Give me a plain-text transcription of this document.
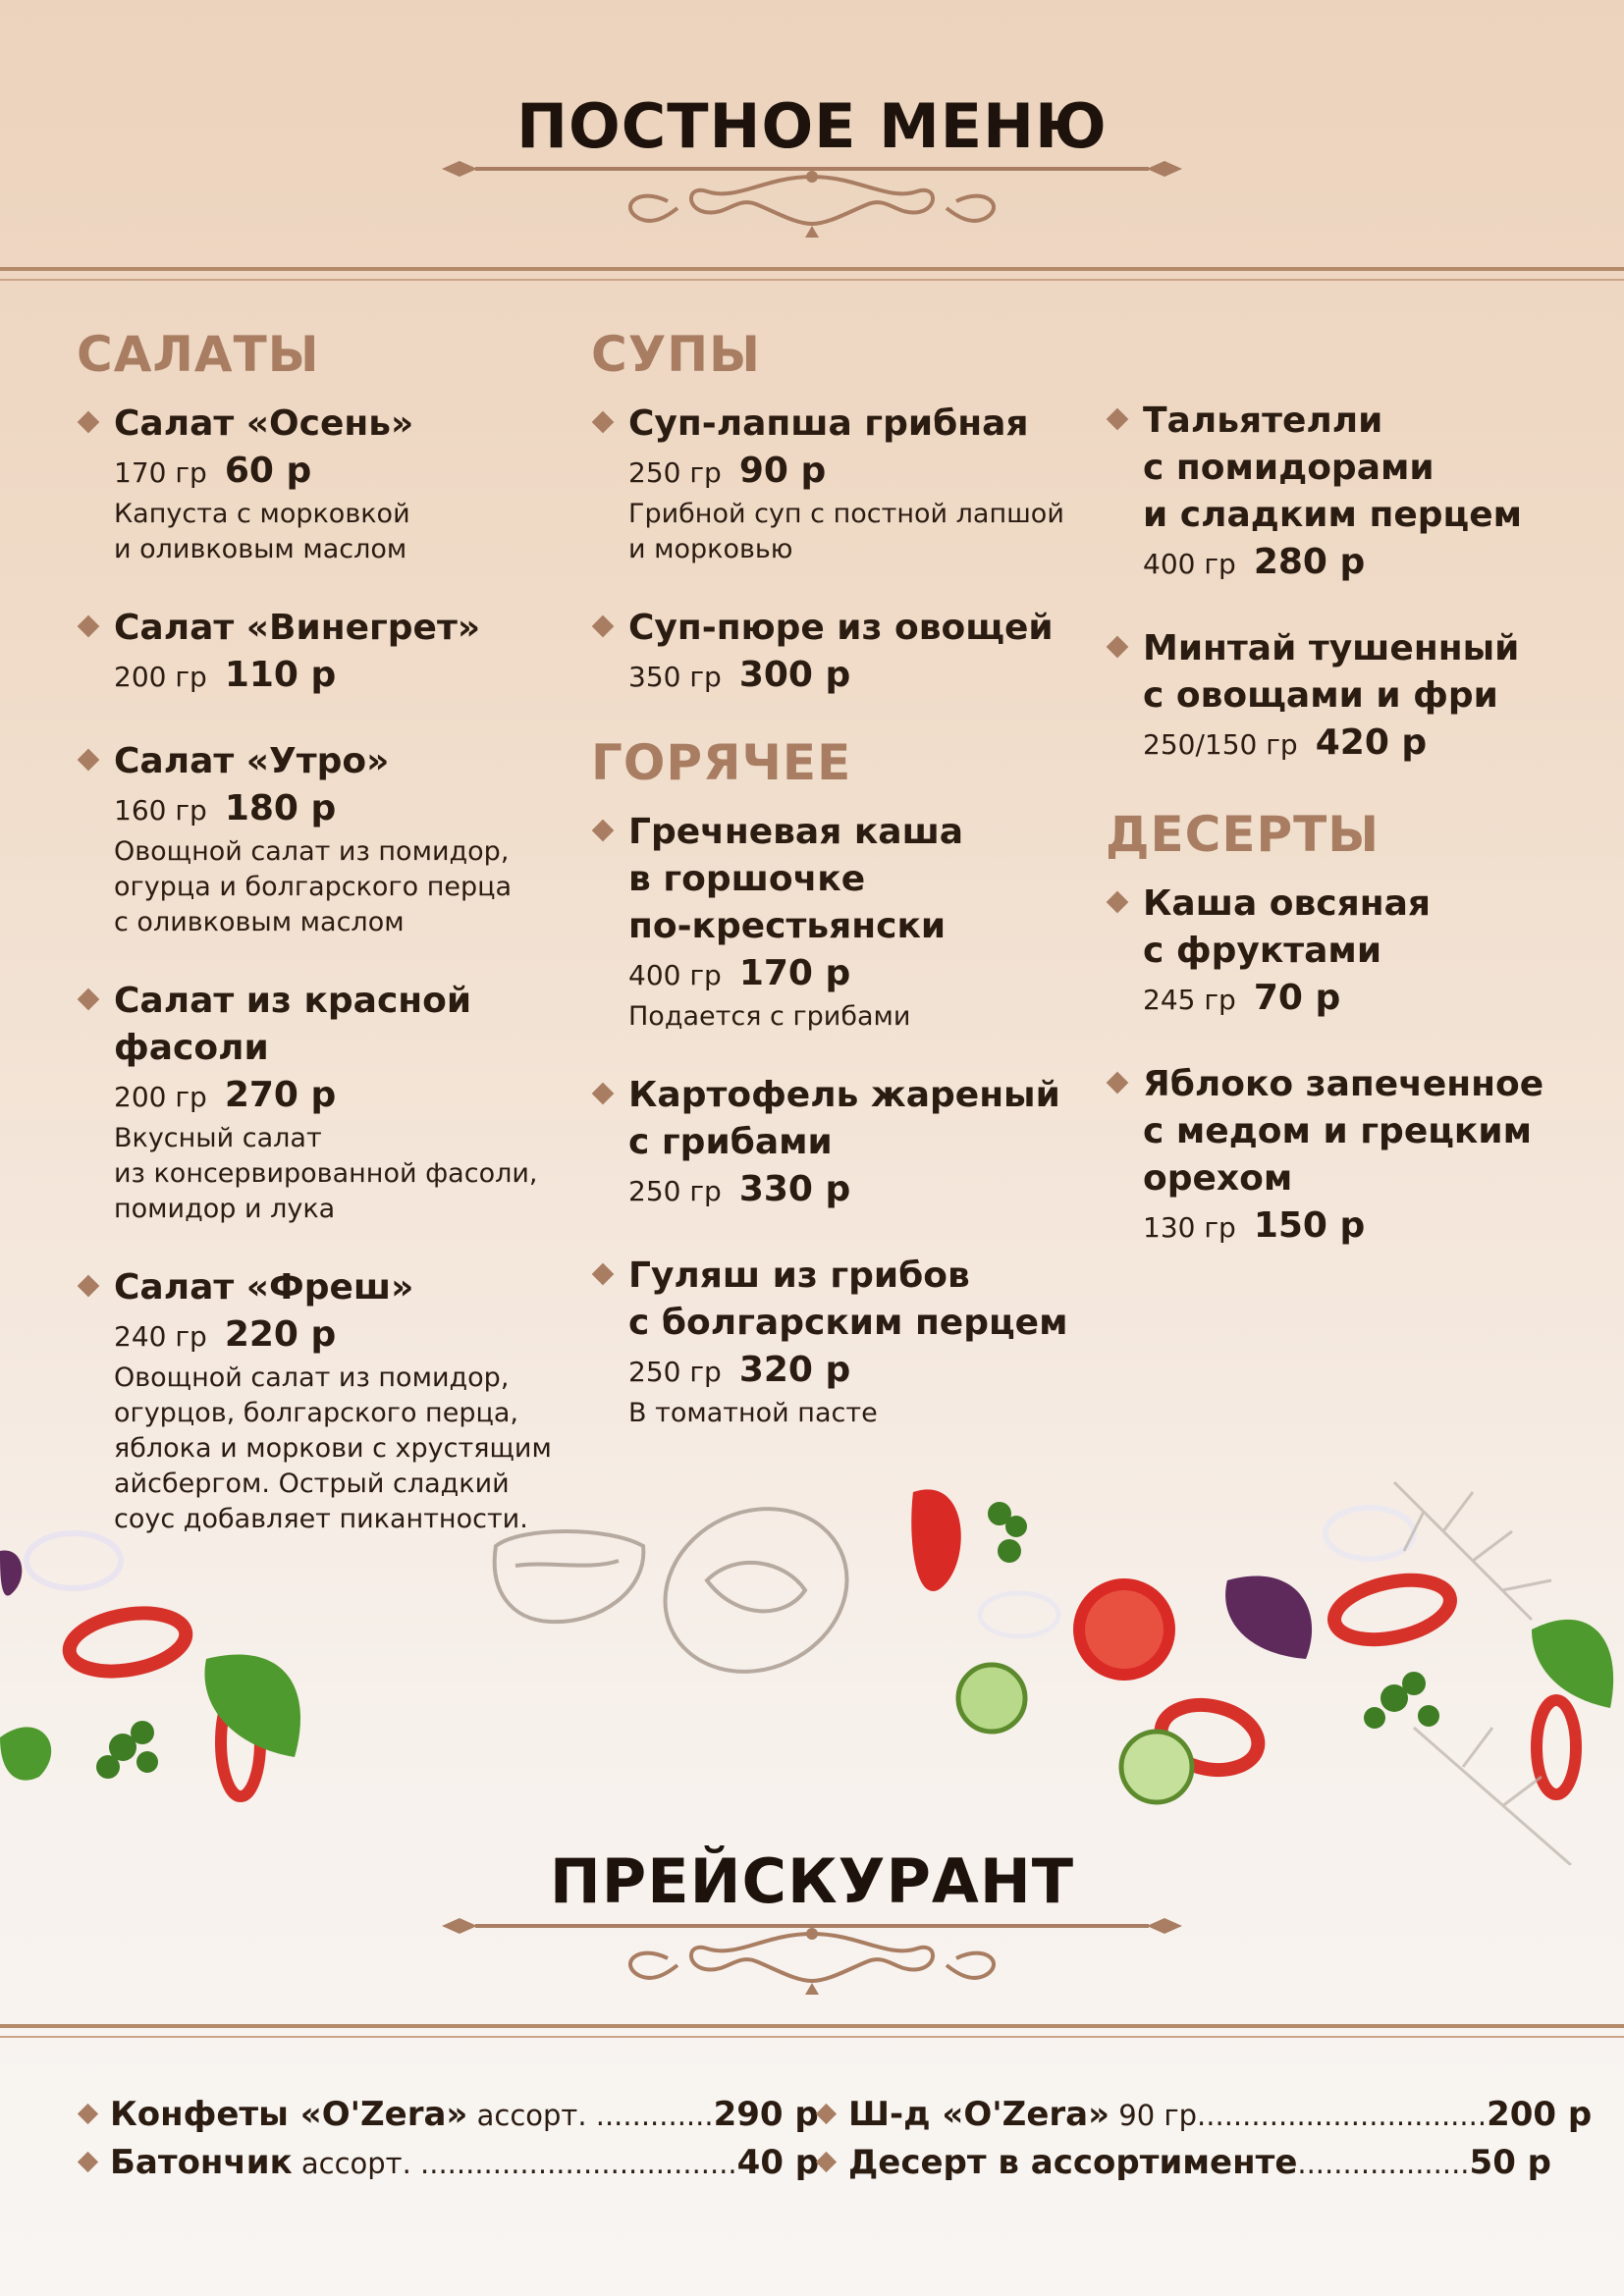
ПОСТНОЕ МЕНЮ
САЛАТЫ
Салат «Осень»
170 гр 60 р
Капуста с морковкой
и оливковым маслом
Салат «Винегрет»
200 гр 110 р
Салат «Утро»
160 гр 180 р
Овощной салат из помидор,
огурца и болгарского перца
с оливковым маслом
Салат из красной
фасоли
200 гр 270 р
Вкусный салат
из консервированной фасоли,
помидор и лука
Салат «Фреш»
240 гр 220 р
Овощной салат из помидор,
огурцов, болгарского перца,
яблока и моркови с хрустящим
айсбергом. Острый сладкий
соус добавляет пикантности.
СУПЫ
Суп-лапша грибная
250 гр 90 р
Грибной суп с постной лапшой
и морковью
Суп-пюре из овощей
350 гр 300 р
ГОРЯЧЕЕ
Гречневая каша
в горшочке
по-крестьянски
400 гр 170 р
Подается с грибами
Картофель жареный
с грибами
250 гр 330 р
Гуляш из грибов
с болгарским перцем
250 гр 320 р
В томатной пасте
Тальятелли
с помидорами
и сладким перцем
400 гр 280 р
Минтай тушенный
с овощами и фри
250/150 гр 420 р
ДЕСЕРТЫ
Каша овсяная
с фруктами
245 гр 70 р
Яблоко запеченное
с медом и грецким
орехом
130 гр 150 р
ПРЕЙСКУРАНТ
Конфеты «O'Zera» ассорт. .............290 р
Батончик ассорт. ...................................40 р
Ш-д «O'Zera» 90 гр................................200 р
Десерт в ассортименте...................50 р
